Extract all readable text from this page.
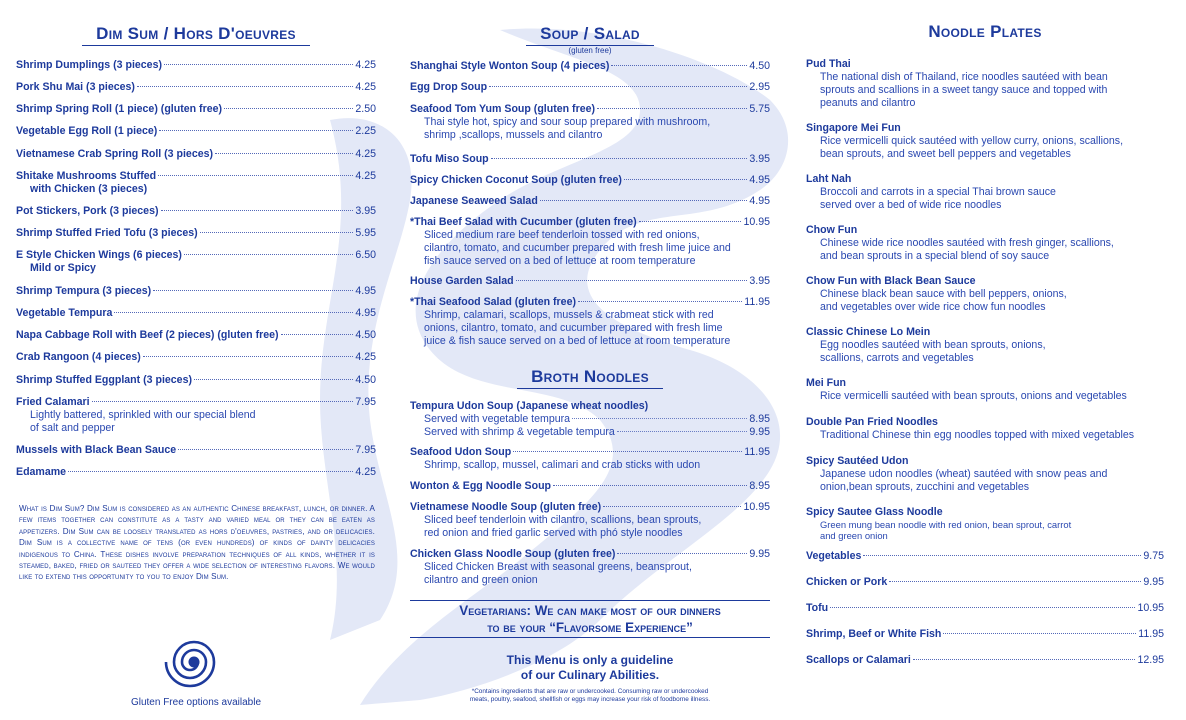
Dim Sum / Hors D'oeuvres
Shrimp Dumplings (3 pieces)	4.25
Pork Shu Mai (3 pieces)	4.25
Shrimp Spring Roll (1 piece) (gluten free)	2.50
Vegetable Egg Roll (1 piece)	2.25
Vietnamese Crab Spring Roll (3 pieces)	4.25
Shitake Mushrooms Stuffed	4.25
with Chicken (3 pieces)
Pot Stickers, Pork (3 pieces)	3.95
Shrimp Stuffed Fried Tofu (3 pieces)	5.95
E Style Chicken Wings (6 pieces)	6.50
Mild or Spicy
Shrimp Tempura (3 pieces)	4.95
Vegetable Tempura	4.95
Napa Cabbage Roll with Beef (2 pieces) (gluten free)	4.50
Crab Rangoon (4 pieces)	4.25
Shrimp Stuffed Eggplant (3 pieces)	4.50
Fried Calamari	7.95
Lightly battered, sprinkled with our special blend
of salt and pepper
Mussels with Black Bean Sauce	7.95
Edamame	4.25
What is Dim Sum? Dim Sum is considered as an authentic Chinese breakfast, lunch, or dinner. A few items together can constitute as a tasty and varied meal or they can be eaten as appetizers. Dim Sum can be loosely translated as hors d'oeuvres, pastries, and or delicacies. Dim Sum is a collective name of tens (or even hundreds) of kinds of dainty delicacies indigenous to China. These dishes involve preparation techniques of all kinds, whether it is steamed, baked, fried or sauteed they offer a wide selection of interesting flavors. We would like to extend this opportunity to you to enjoy Dim Sum.
Gluten Free options available
Soup / Salad
(gluten free)
Shanghai Style Wonton Soup (4 pieces)	4.50
Egg Drop Soup	2.95
Seafood Tom Yum Soup (gluten free)	5.75
Thai style hot, spicy and sour soup prepared with mushroom,
shrimp ,scallops, mussels and cilantro
Tofu Miso Soup	3.95
Spicy Chicken Coconut Soup (gluten free)	4.95
Japanese Seaweed Salad	4.95
*Thai Beef Salad with Cucumber (gluten free)	10.95
Sliced medium rare beef tenderloin tossed with red onions,
cilantro, tomato, and cucumber prepared with fresh lime juice and
fish sauce served on a bed of lettuce at room temperature
House Garden Salad	3.95
*Thai Seafood Salad (gluten free)	11.95
Shrimp, calamari, scallops, mussels & crabmeat stick with red
onions, cilantro, tomato, and cucumber prepared with fresh lime
juice & fish sauce served on a bed of lettuce at room temperature
Broth Noodles
Tempura Udon Soup (Japanese wheat noodles)
Served with vegetable tempura	8.95
Served with shrimp & vegetable tempura	9.95
Seafood Udon Soup	11.95
Shrimp, scallop, mussel, calimari and crab sticks with udon
Wonton & Egg Noodle Soup	8.95
Vietnamese Noodle Soup (gluten free)	10.95
Sliced beef tenderloin with cilantro, scallions, bean sprouts,
red onion and fried garlic served with phó style noodles
Chicken Glass Noodle Soup (gluten free)	9.95
Sliced Chicken Breast with seasonal greens, beansprout,
cilantro and green onion
Vegetarians: We can make most of our dinners
to be your “Flavorsome Experience”
This Menu is only a guideline
of our Culinary Abilities.
*Contains ingredients that are raw or undercooked. Consuming raw or undercooked
meats, poultry, seafood, shellfish or eggs may increase your risk of foodborne illness.
Noodle Plates
Pud Thai
The national dish of Thailand, rice noodles sautéed with bean
sprouts and scallions in a sweet tangy sauce and topped with
peanuts and cilantro
Singapore Mei Fun
Rice vermicelli quick sautéed with yellow curry, onions, scallions,
bean sprouts, and sweet bell peppers and vegetables
Laht Nah
Broccoli and carrots in a special Thai brown sauce
served over a bed of wide rice noodles
Chow Fun
Chinese wide rice noodles sautéed with fresh ginger, scallions,
and bean sprouts in a special blend of soy sauce
Chow Fun with Black Bean Sauce
Chinese black bean sauce with bell peppers, onions,
and vegetables over wide rice chow fun noodles
Classic Chinese Lo Mein
Egg noodles sautéed with bean sprouts, onions,
scallions, carrots and vegetables
Mei Fun
Rice vermicelli sautéed with bean sprouts, onions and vegetables
Double Pan Fried Noodles
Traditional Chinese thin egg noodles topped with mixed vegetables
Spicy Sautéed Udon
Japanese udon noodles (wheat) sautéed with snow peas and
onion,bean sprouts, zucchini and vegetables
Spicy Sautee Glass Noodle
Green mung bean noodle with red onion, bean sprout, carrot
and green onion
Vegetables	9.75
Chicken or Pork	9.95
Tofu	10.95
Shrimp, Beef or White Fish	11.95
Scallops or Calamari	12.95
